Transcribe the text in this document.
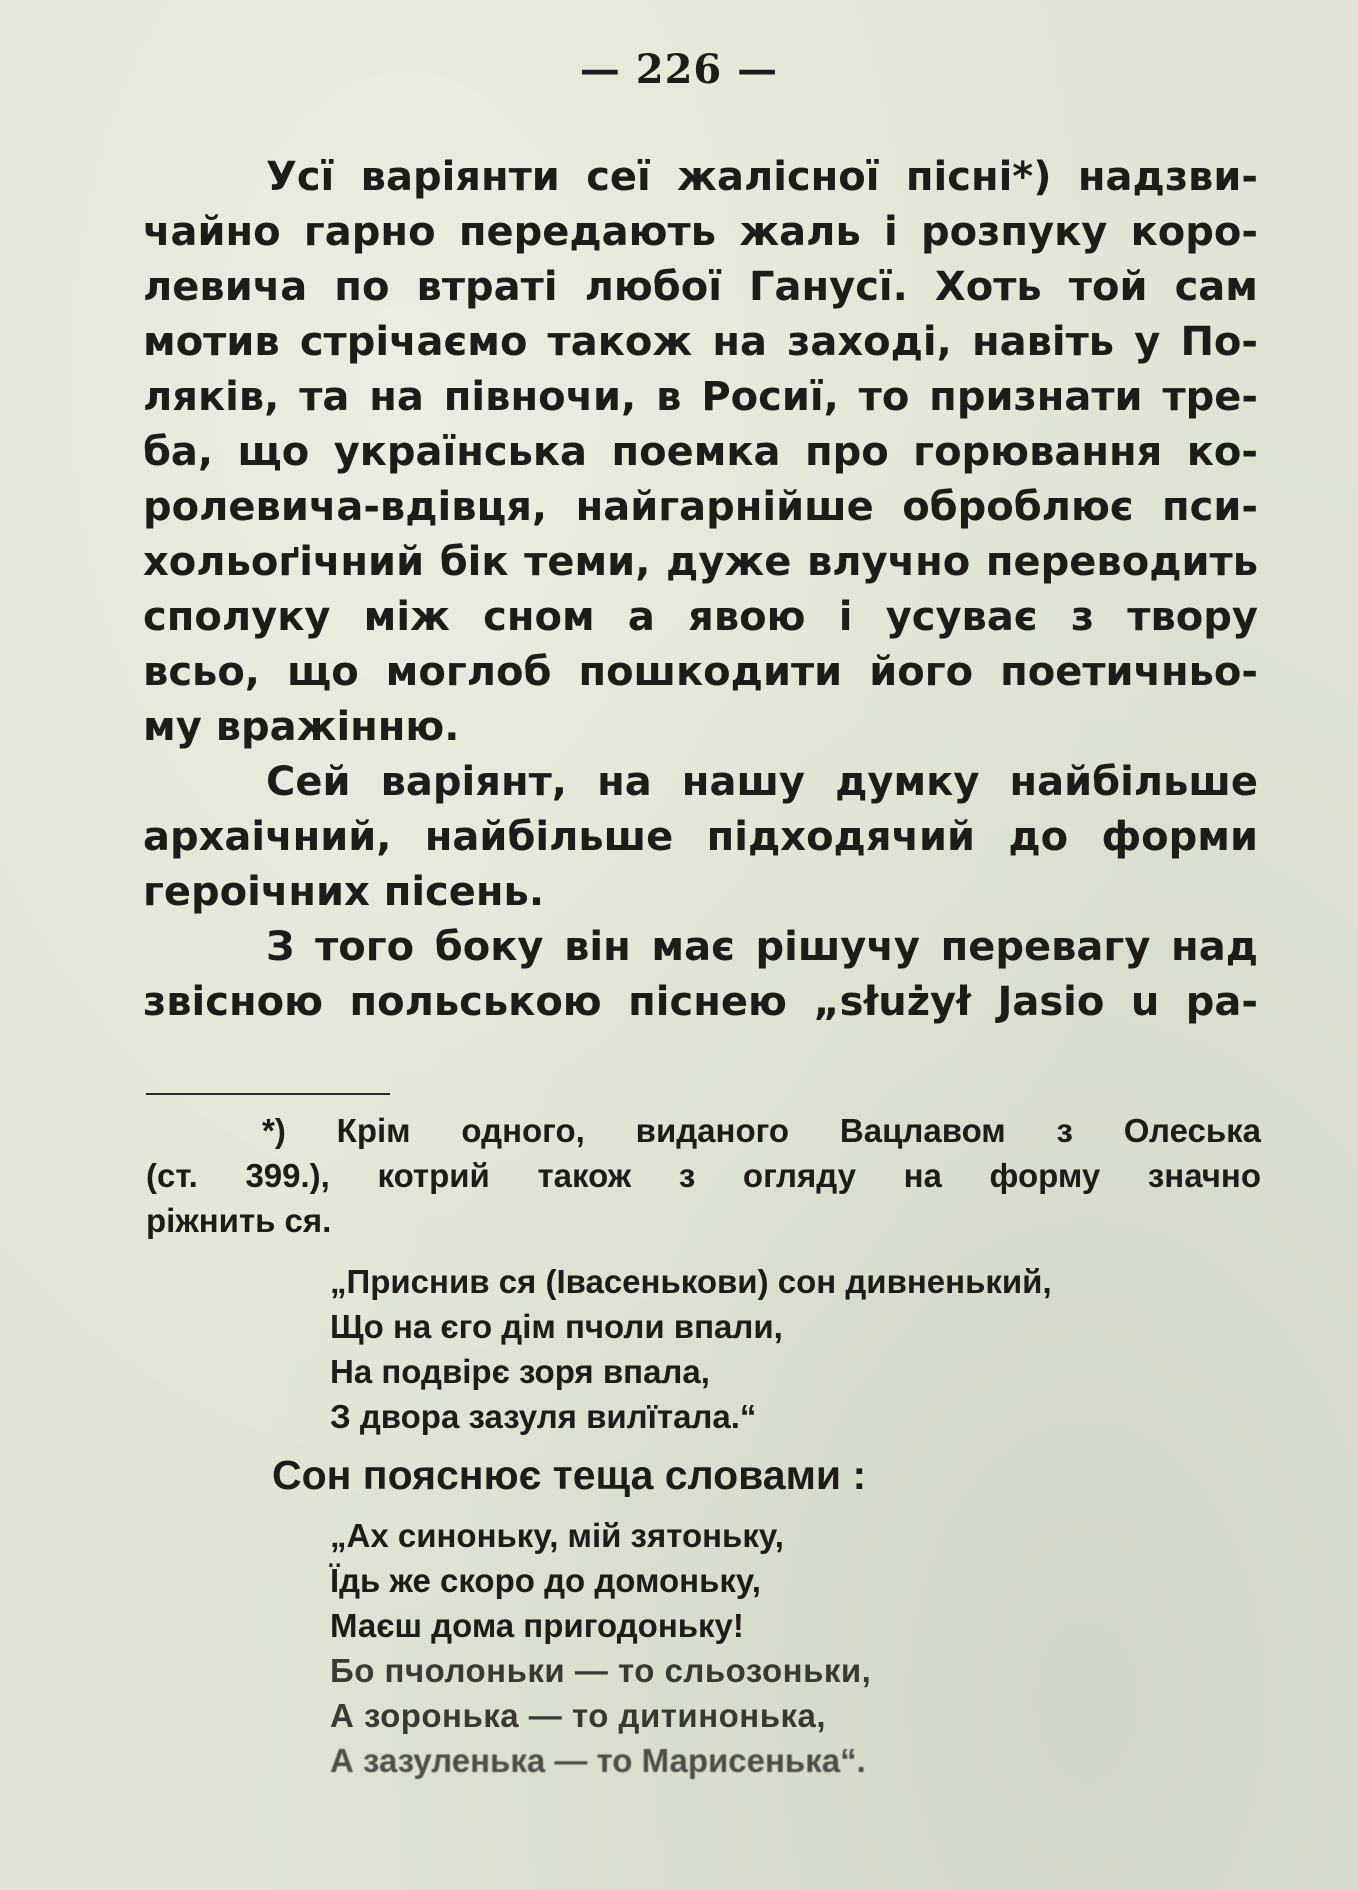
— 226 —
Усї варіянти сеї жалісної пісні*) надзви-
чайно гарно передають жаль і розпуку коро-
левича по втраті любої Ганусї. Хоть той сам
мотив стрічаємо також на заході, навіть у По-
ляків, та на півночи, в Росиї, то признати тре-
ба, що українська поемка про горювання ко-
ролевича-вдівця, найгарнійше оброблює пси-
хольоґічний бік теми, дуже влучно переводить
сполуку між сном а явою і усуває з твору
всьо, що моглоб пошкодити його поетичньо-
му вражінню.
Сей варіянт, на нашу думку найбільше
архаічний, найбільше підходячий до форми
героічних пісень.
З того боку він має рішучу перевагу над
звісною польською піснею „służył Jasio u ра-
*) Крім одного, виданого Вацлавом з Олеська
(ст. 399.), котрий також з огляду на форму значно
ріжнить ся.
„Приснив ся (Івасенькови) сон дивненький,
Що на єго дім пчоли впали,
На подвірє зоря впала,
З двора зазуля вилїтала.“
Сон пояснює теща словами :
„Ах синоньку, мій зятоньку,
Їдь же скоро до домоньку,
Маєш дома пригодоньку!
Бо пчолоньки — то сльозоньки,
А зоронька — то дитинонька,
А зазуленька — то Марисенька“.
